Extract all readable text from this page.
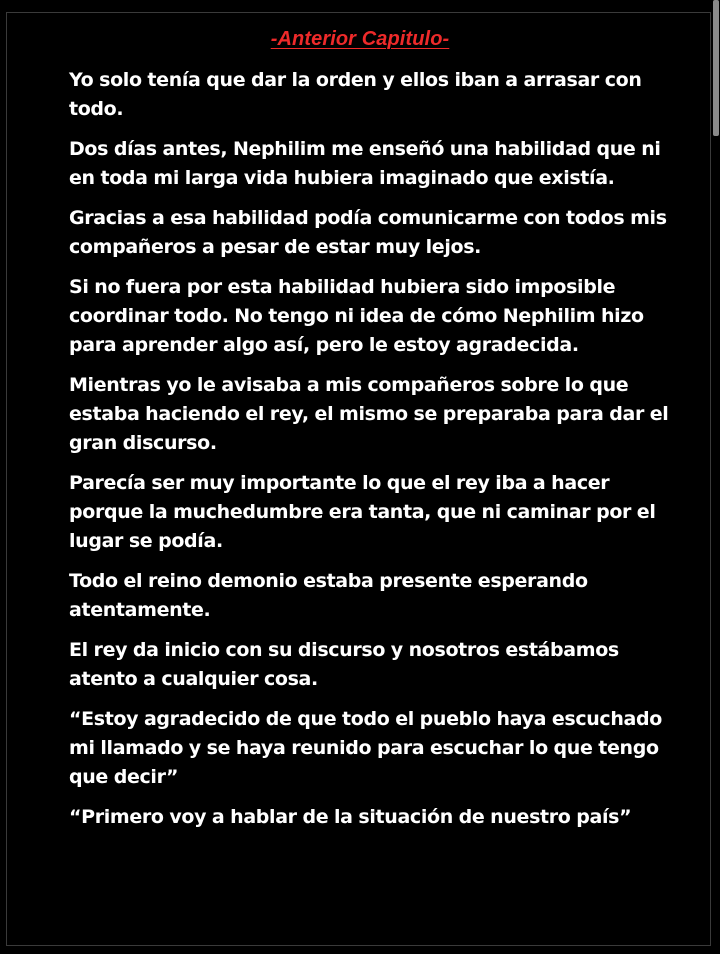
-Anterior Capitulo-

Yo solo tenía que dar la orden y ellos iban a arrasar con todo.

Dos días antes, Nephilim me enseñó una habilidad que ni en toda mi larga vida hubiera imaginado que existía.

Gracias a esa habilidad podía comunicarme con todos mis compañeros a pesar de estar muy lejos.

Si no fuera por esta habilidad hubiera sido imposible coordinar todo. No tengo ni idea de cómo Nephilim hizo para aprender algo así, pero le estoy agradecida.

Mientras yo le avisaba a mis compañeros sobre lo que estaba haciendo el rey, el mismo se preparaba para dar el gran discurso.

Parecía ser muy importante lo que el rey iba a hacer porque la muchedumbre era tanta, que ni caminar por el lugar se podía.

Todo el reino demonio estaba presente esperando atentamente.

El rey da inicio con su discurso y nosotros estábamos atento a cualquier cosa.

“Estoy agradecido de que todo el pueblo haya escuchado mi llamado y se haya reunido para escuchar lo que tengo que decir”

“Primero voy a hablar de la situación de nuestro país”
